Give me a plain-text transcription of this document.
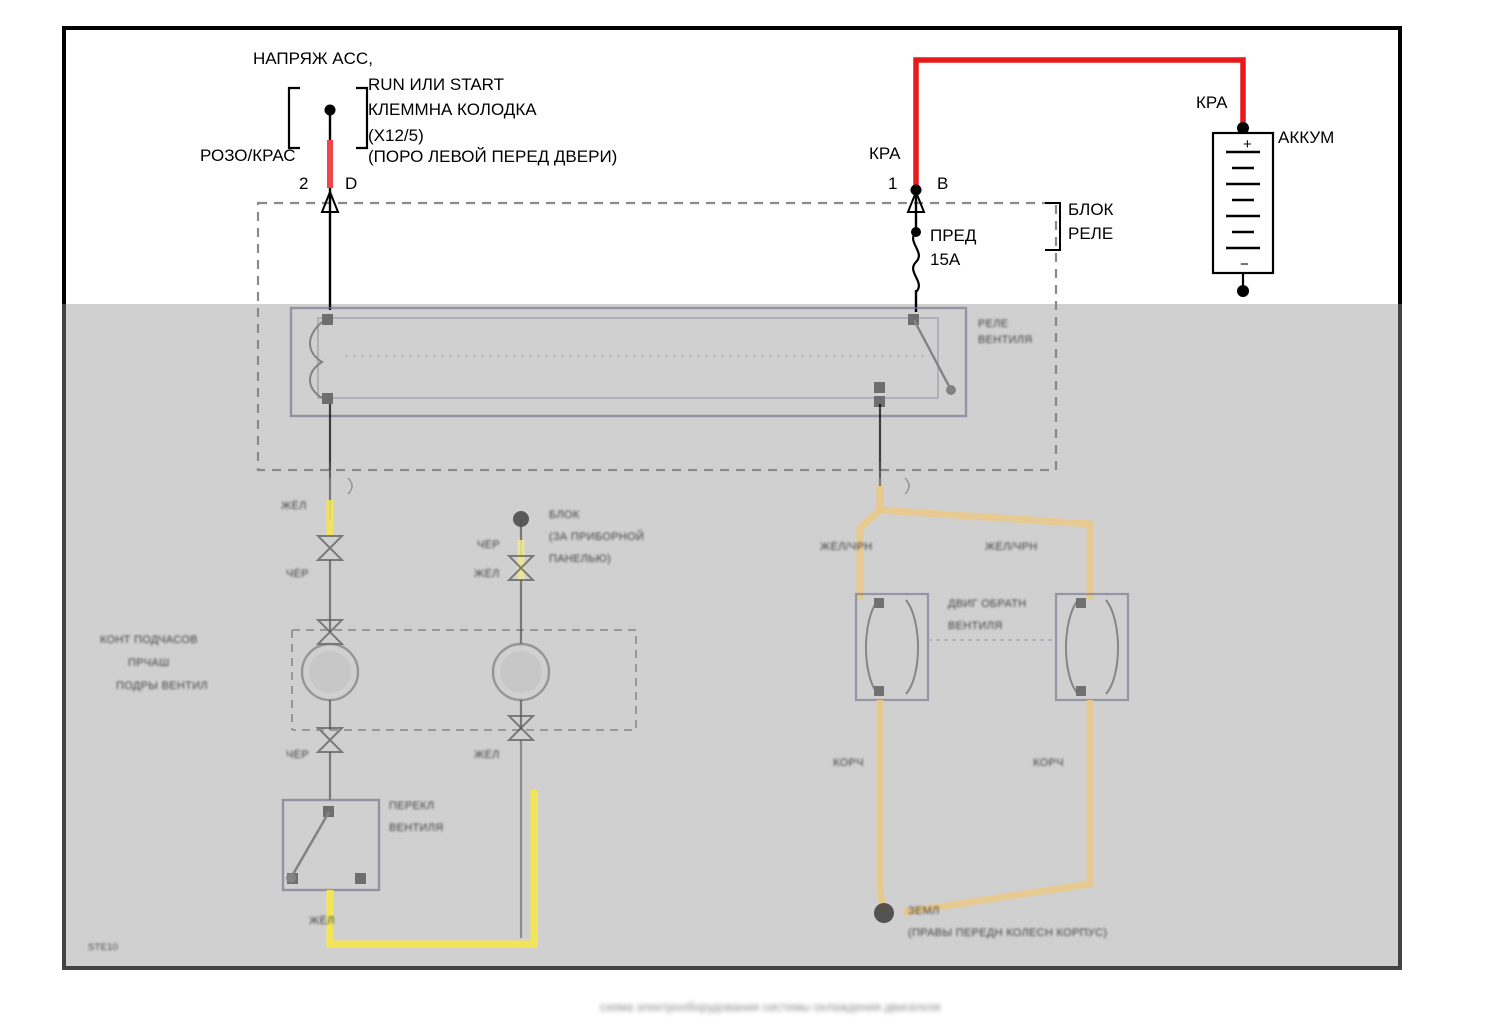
НАПРЯЖ ACC,
RUN ИЛИ START
КЛЕММНА КОЛОДКА
(X12/5)
(ПОРО ЛЕВОЙ ПЕРЕД ДВЕРИ)
РОЗО/КРАС
2 D	1 B
КРА
КРА
АККУМ
+
−
ПРЕД
15A
БЛОК
РЕЛЕ
РЕЛЕ
ВЕНТИЛЯ
ЖЁЛ
ЧЁР
ЧЁР
ЖЁЛ
БЛОК
(ЗА ПРИБОРНОЙ
ПАНЕЛЬЮ)
КОНТ ПОДЧАСОВ
ПРЧАШ
ПОДРЫ ВЕНТИЛ
ЧЁР	ЖЁЛ
ПЕРЕКЛ
ВЕНТИЛЯ
ЖЁЛ
ЖЁЛ/ЧРН	ЖЁЛ/ЧРН
ДВИГ ОБРАТН
ВЕНТИЛЯ
КОРЧ	КОРЧ
ЗЕМЛ
(ПРАВЫ ПЕРЕДН КОЛЕСН КОРПУС)
STE10
схема электрооборудования системы охлаждения двигателя
